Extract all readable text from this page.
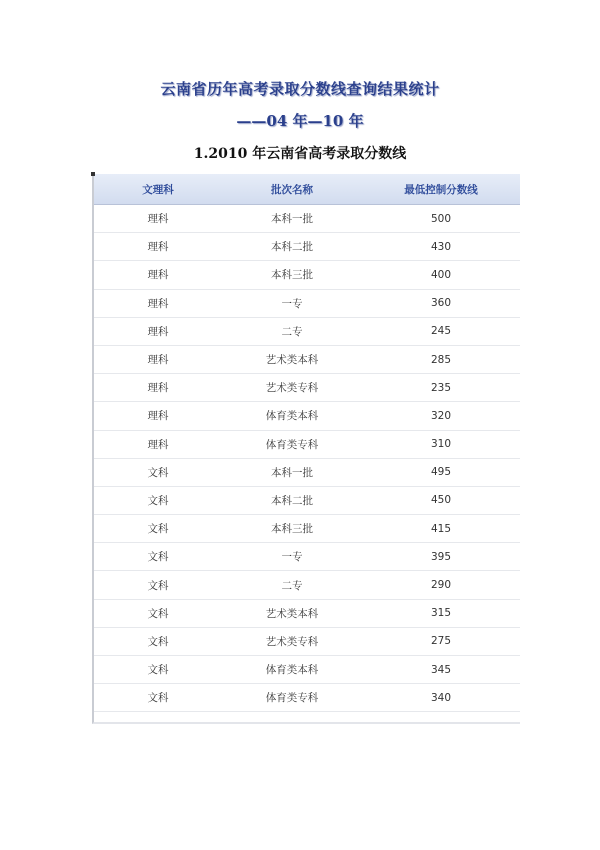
云南省历年高考录取分数线查询结果统计
——04 年—10 年
1.2010 年云南省高考录取分数线
文理科	批次名称	最低控制分数线
理科	本科一批	500
理科	本科二批	430
理科	本科三批	400
理科	一专	360
理科	二专	245
理科	艺术类本科	285
理科	艺术类专科	235
理科	体育类本科	320
理科	体育类专科	310
文科	本科一批	495
文科	本科二批	450
文科	本科三批	415
文科	一专	395
文科	二专	290
文科	艺术类本科	315
文科	艺术类专科	275
文科	体育类本科	345
文科	体育类专科	340
